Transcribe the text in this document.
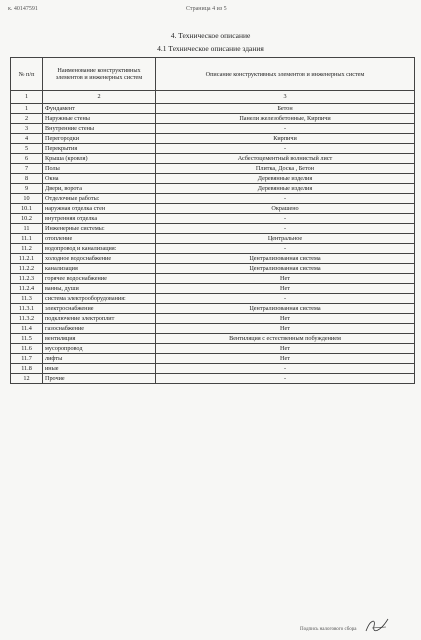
к. 40147591	Страница 4 из 5
4. Техническое описание
4.1 Техническое описание здания
№ п/п	Наименование конструктивных элементов и инженерных систем	Описание конструктивных элементов и инженерных систем
1	2	3
1	Фундамент	Бетон
2	Наружные стены	Панели железобетонные, Кирпичи
3	Внутренние стены	-
4	Перегородки	Кирпичи
5	Перекрытия	-
6	Крыша (кровля)	Асбестоцементный волнистый лист
7	Полы	Плитка, Доска , Бетон
8	Окна	Деревянные изделия
9	Двери, ворота	Деревянные изделия
10	Отделочные работы:	-
10.1	наружная отделка стен	Окрашено
10.2	внутренняя отделка	-
11	Инженерные системы:	-
11.1	отопление	Центральное
11.2	водопровод и канализация:	-
11.2.1	холодное водоснабжение	Централизованная система
11.2.2	канализация	Централизованная система
11.2.3	горячее водоснабжение	Нет
11.2.4	ванны, души	Нет
11.3	система электрооборудования:	-
11.3.1	электроснабжение	Централизованная система
11.3.2	подключение электроплит	Нет
11.4	газоснабжение	Нет
11.5	вентиляция	Вентиляция с естественным побуждением
11.6	мусоропровод	Нет
11.7	лифты	Нет
11.8	иные	-
12	Прочие	-
Подпись налогового сбора
